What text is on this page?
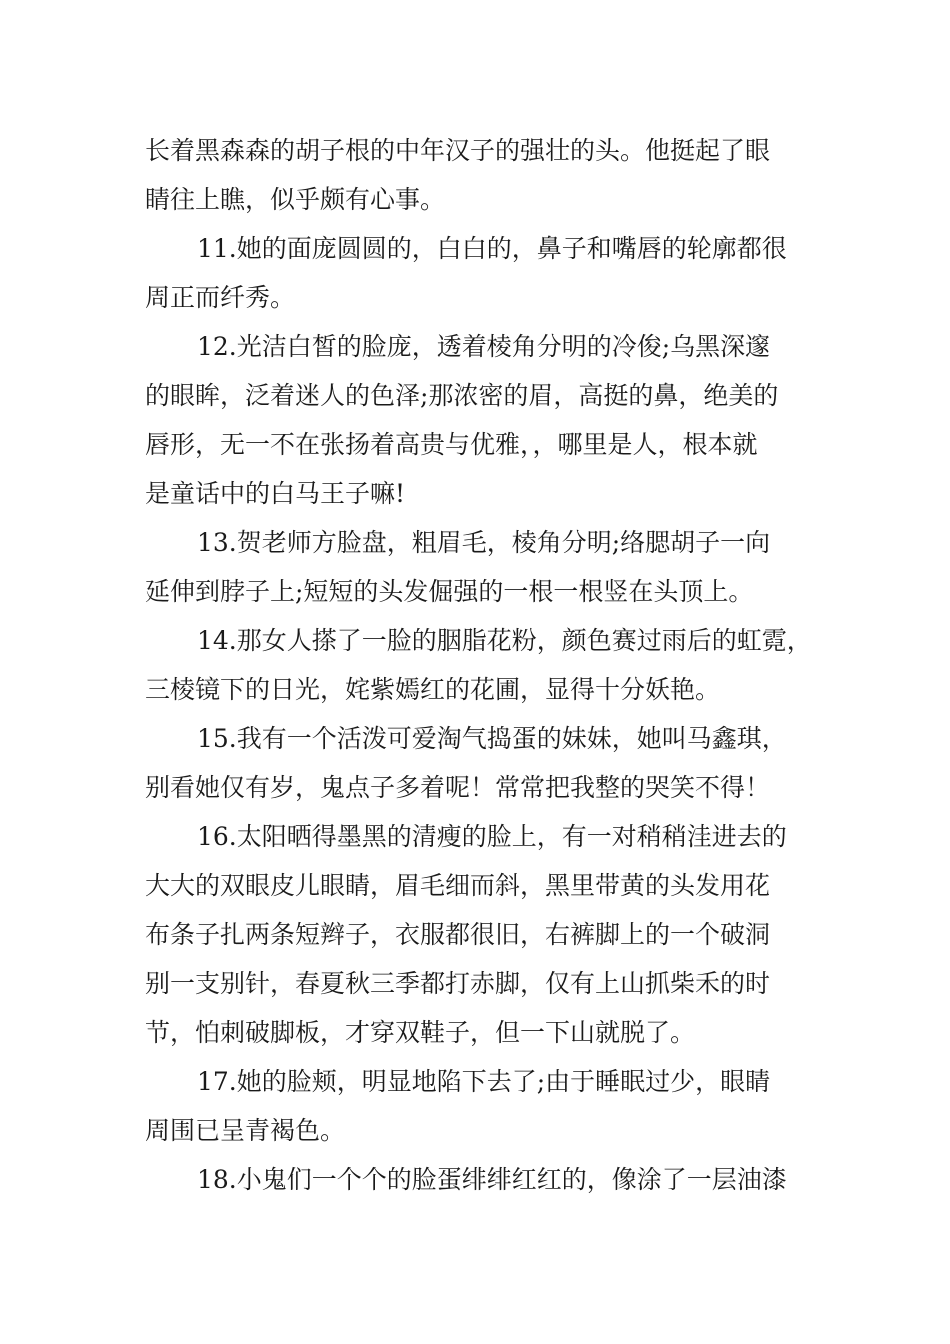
长着黑森森的胡子根的中年汉子的强壮的头。他挺起了眼
睛往上瞧，似乎颇有心事。
11.她的面庞圆圆的，白白的，鼻子和嘴唇的轮廓都很
周正而纤秀。
12.光洁白皙的脸庞，透着棱角分明的冷俊;乌黑深邃
的眼眸，泛着迷人的色泽;那浓密的眉，高挺的鼻，绝美的
唇形，无一不在张扬着高贵与优雅，，哪里是人，根本就
是童话中的白马王子嘛!
13.贺老师方脸盘，粗眉毛，棱角分明;络腮胡子一向
延伸到脖子上;短短的头发倔强的一根一根竖在头顶上。
14.那女人搽了一脸的胭脂花粉，颜色赛过雨后的虹霓，
三棱镜下的日光，姹紫嫣红的花圃，显得十分妖艳。
15.我有一个活泼可爱淘气捣蛋的妹妹，她叫马鑫琪，
别看她仅有岁，鬼点子多着呢！常常把我整的哭笑不得！
16.太阳晒得墨黑的清瘦的脸上，有一对稍稍洼进去的
大大的双眼皮儿眼睛，眉毛细而斜，黑里带黄的头发用花
布条子扎两条短辫子，衣服都很旧，右裤脚上的一个破洞
别一支别针，春夏秋三季都打赤脚，仅有上山抓柴禾的时
节，怕刺破脚板，才穿双鞋子，但一下山就脱了。
17.她的脸颊，明显地陷下去了;由于睡眠过少，眼睛
周围已呈青褐色。
18.小鬼们一个个的脸蛋绯绯红红的，像涂了一层油漆
